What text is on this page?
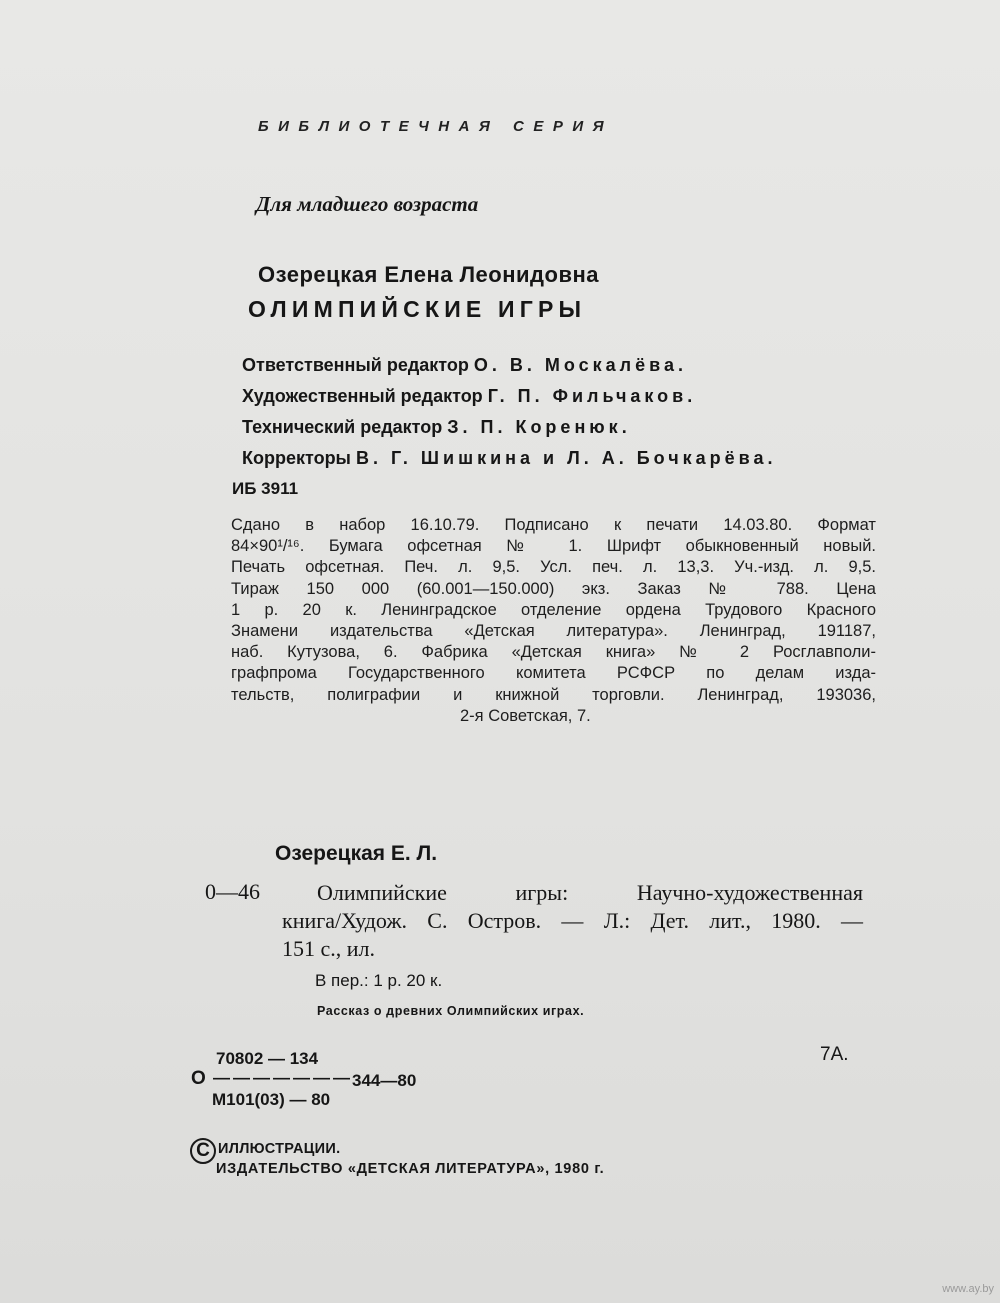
БИБЛИОТЕЧНАЯ СЕРИЯ
Для младшего возраста
Озерецкая Елена Леонидовна
ОЛИМПИЙСКИЕ ИГРЫ
Ответственный редактор О. В. Москалёва.
Художественный редактор Г. П. Фильчаков.
Технический редактор З. П. Коренюк.
Корректоры В. Г. Шишкина и Л. А. Бочкарёва.
ИБ 3911
Сдано в набор 16.10.79. Подписано к печати 14.03.80. Формат
84×90¹/¹⁶. Бумага офсетная № 1. Шрифт обыкновенный новый.
Печать офсетная. Печ. л. 9,5. Усл. печ. л. 13,3. Уч.-изд. л. 9,5.
Тираж 150 000 (60.001—150.000) экз. Заказ № 788. Цена
1 р. 20 к. Ленинградское отделение ордена Трудового Красного
Знамени издательства «Детская литература». Ленинград, 191187,
наб. Кутузова, 6. Фабрика «Детская книга» № 2 Росглавполи-
графпрома Государственного комитета РСФСР по делам изда-
тельств, полиграфии и книжной торговли. Ленинград, 193036,
2-я Советская, 7.
Озерецкая Е. Л.
0—46	Олимпийские игры: Научно-художественная
книга/Худож. С. Остров. — Л.: Дет. лит., 1980. —
151 с., ил.
В пер.: 1 р. 20 к.
Рассказ о древних Олимпийских играх.
7А.
70802 — 134
О ——————— 344—80
М101(03) — 80
C ИЛЛЮСТРАЦИИ.
ИЗДАТЕЛЬСТВО «ДЕТСКАЯ ЛИТЕРАТУРА», 1980 г.
www.ay.by
